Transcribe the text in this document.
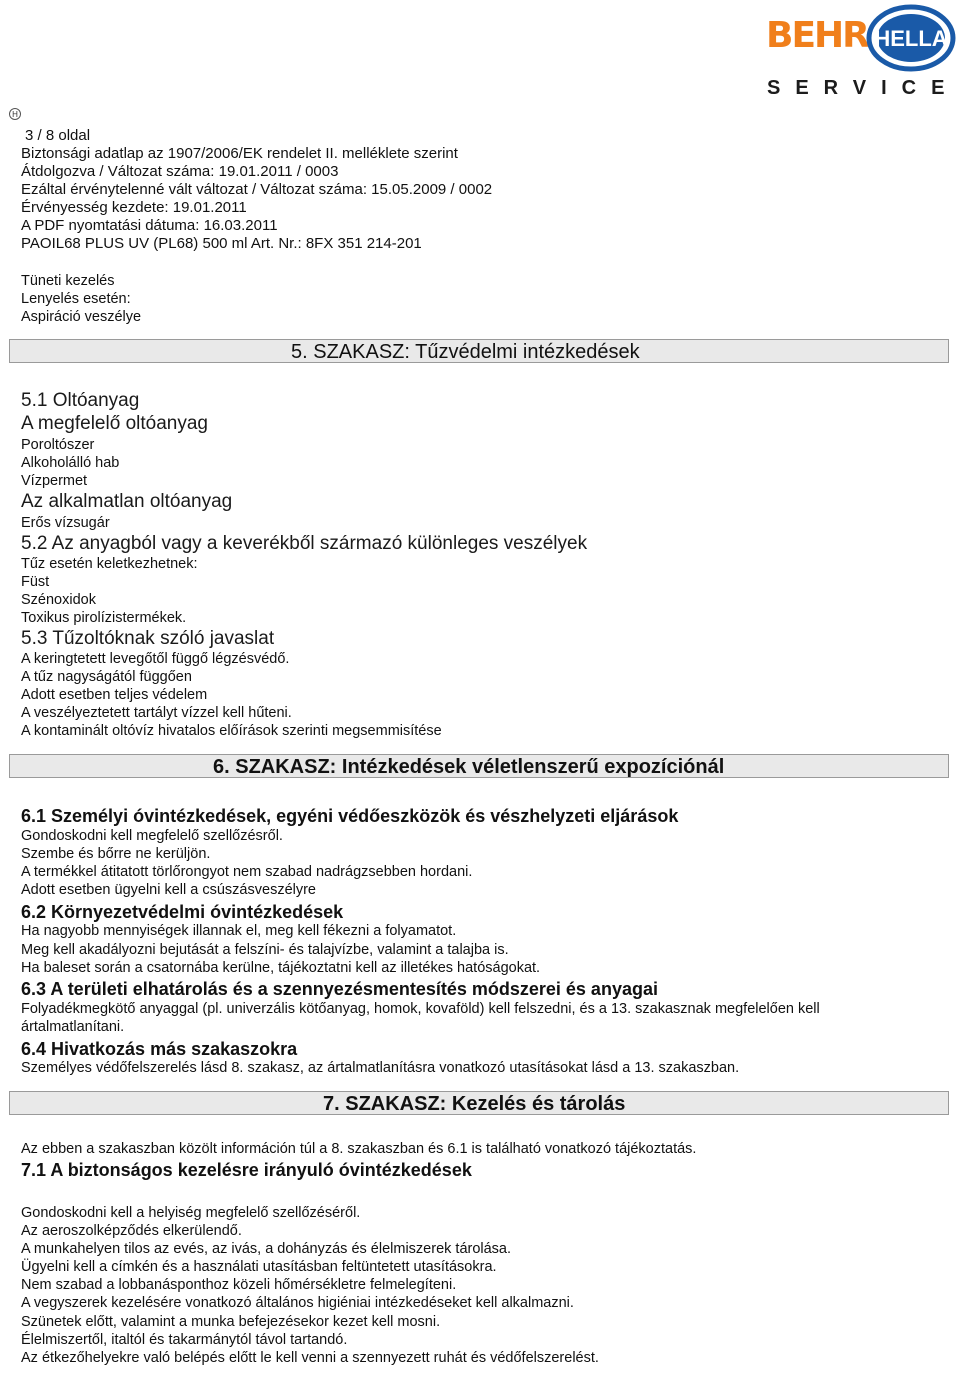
BEHR HELLA
SERVICE
H
3 / 8 oldal
Biztonsági adatlap az 1907/2006/EK rendelet II. melléklete szerint
Átdolgozva / Változat száma: 19.01.2011 / 0003
Ezáltal érvénytelenné vált változat / Változat száma: 15.05.2009 / 0002
Érvényesség kezdete: 19.01.2011
A PDF nyomtatási dátuma: 16.03.2011
PAOIL68 PLUS UV (PL68) 500 ml Art. Nr.: 8FX 351 214-201
Tüneti kezelés
Lenyelés esetén:
Aspiráció veszélye
5. SZAKASZ: Tűzvédelmi intézkedések
5.1 Oltóanyag
A megfelelő oltóanyag
Poroltószer
Alkoholálló hab
Vízpermet
Az alkalmatlan oltóanyag
Erős vízsugár
5.2 Az anyagból vagy a keverékből származó különleges veszélyek
Tűz esetén keletkezhetnek:
Füst
Szénoxidok
Toxikus pirolízistermékek.
5.3 Tűzoltóknak szóló javaslat
A keringtetett levegőtől függő légzésvédő.
A tűz nagyságától függően
Adott esetben teljes védelem
A veszélyeztetett tartályt vízzel kell hűteni.
A kontaminált oltóvíz hivatalos előírások szerinti megsemmisítése
6. SZAKASZ: Intézkedések véletlenszerű expozíciónál
6.1 Személyi óvintézkedések, egyéni védőeszközök és vészhelyzeti eljárások
Gondoskodni kell megfelelő szellőzésről.
Szembe és bőrre ne kerüljön.
A termékkel átitatott törlőrongyot nem szabad nadrágzsebben hordani.
Adott esetben ügyelni kell a csúszásveszélyre
6.2 Környezetvédelmi óvintézkedések
Ha nagyobb mennyiségek illannak el, meg kell fékezni a folyamatot.
Meg kell akadályozni bejutását a felszíni- és talajvízbe, valamint a talajba is.
Ha baleset során a csatornába kerülne, tájékoztatni kell az illetékes hatóságokat.
6.3 A területi elhatárolás és a szennyezésmentesítés módszerei és anyagai
Folyadékmegkötő anyaggal (pl. univerzális kötőanyag, homok, kovaföld) kell felszedni, és a 13. szakasznak megfelelően kell
ártalmatlanítani.
6.4 Hivatkozás más szakaszokra
Személyes védőfelszerelés lásd 8. szakasz, az ártalmatlanításra vonatkozó utasításokat lásd a 13. szakaszban.
7. SZAKASZ: Kezelés és tárolás
Az ebben a szakaszban közölt információn túl a 8. szakaszban és 6.1 is található vonatkozó tájékoztatás.
7.1 A biztonságos kezelésre irányuló óvintézkedések
Gondoskodni kell a helyiség megfelelő szellőzéséről.
Az aeroszolképződés elkerülendő.
A munkahelyen tilos az evés, az ivás, a dohányzás és élelmiszerek tárolása.
Ügyelni kell a címkén és a használati utasításban feltüntetett utasításokra.
Nem szabad a lobbanásponthoz közeli hőmérsékletre felmelegíteni.
A vegyszerek kezelésére vonatkozó általános higiéniai intézkedéseket kell alkalmazni.
Szünetek előtt, valamint a munka befejezésekor kezet kell mosni.
Élelmiszertől, italtól és takarmánytól távol tartandó.
Az étkezőhelyekre való belépés előtt le kell venni a szennyezett ruhát és védőfelszerelést.
